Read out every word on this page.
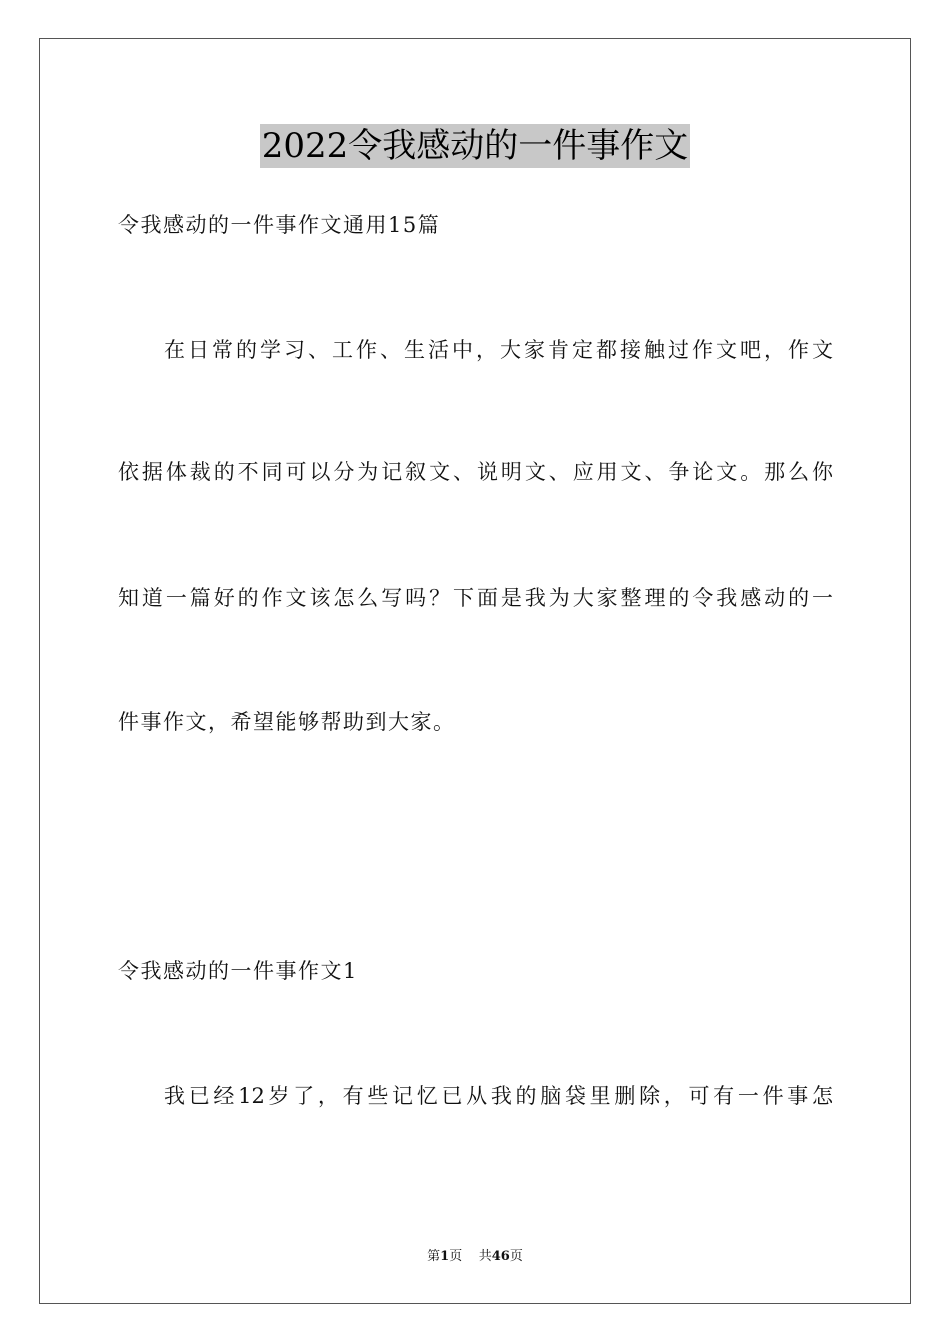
2022令我感动的一件事作文
令我感动的一件事作文通用15篇
在日常的学习、工作、生活中，大家肯定都接触过作文吧，作文
依据体裁的不同可以分为记叙文、说明文、应用文、争论文。那么你
知道一篇好的作文该怎么写吗？下面是我为大家整理的令我感动的一
件事作文，希望能够帮助到大家。
令我感动的一件事作文1
我已经12岁了，有些记忆已从我的脑袋里删除，可有一件事怎
第1页 共46页
